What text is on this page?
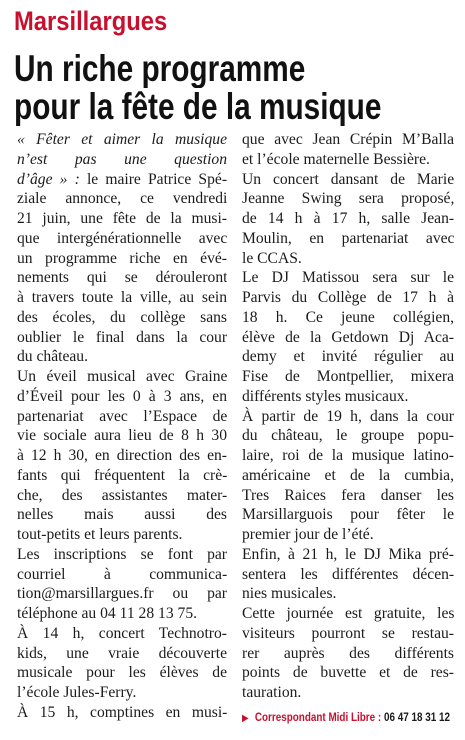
Marsillargues
Un riche programme
pour la fête de la musique
« Fêter et aimer la musique
n’est pas une question
d’âge » : le maire Patrice Spé-
ziale annonce, ce vendredi
21 juin, une fête de la musi-
que intergénérationnelle avec
un programme riche en évé-
nements qui se dérouleront
à travers toute la ville, au sein
des écoles, du collège sans
oublier le final dans la cour
du château.
Un éveil musical avec Graine
d’Éveil pour les 0 à 3 ans, en
partenariat avec l’Espace de
vie sociale aura lieu de 8 h 30
à 12 h 30, en direction des en-
fants qui fréquentent la crè-
che, des assistantes mater-
nelles mais aussi des
tout-petits et leurs parents.
Les inscriptions se font par
courriel à communica-
tion@marsillargues.fr ou par
téléphone au 04 11 28 13 75.
À 14 h, concert Technotro-
kids, une vraie découverte
musicale pour les élèves de
l’école Jules-Ferry.
À 15 h, comptines en musi-
que avec Jean Crépin M’Balla
et l’école maternelle Bessière.
Un concert dansant de Marie
Jeanne Swing sera proposé,
de 14 h à 17 h, salle Jean-
Moulin, en partenariat avec
le CCAS.
Le DJ Matissou sera sur le
Parvis du Collège de 17 h à
18 h. Ce jeune collégien,
élève de la Getdown Dj Aca-
demy et invité régulier au
Fise de Montpellier, mixera
différents styles musicaux.
À partir de 19 h, dans la cour
du château, le groupe popu-
laire, roi de la musique latino-
américaine et de la cumbia,
Tres Raices fera danser les
Marsillarguois pour fêter le
premier jour de l’été.
Enfin, à 21 h, le DJ Mika pré-
sentera les différentes décen-
nies musicales.
Cette journée est gratuite, les
visiteurs pourront se restau-
rer auprès des différents
points de buvette et de res-
tauration.
▶ Correspondant Midi Libre : 06 47 18 31 12
